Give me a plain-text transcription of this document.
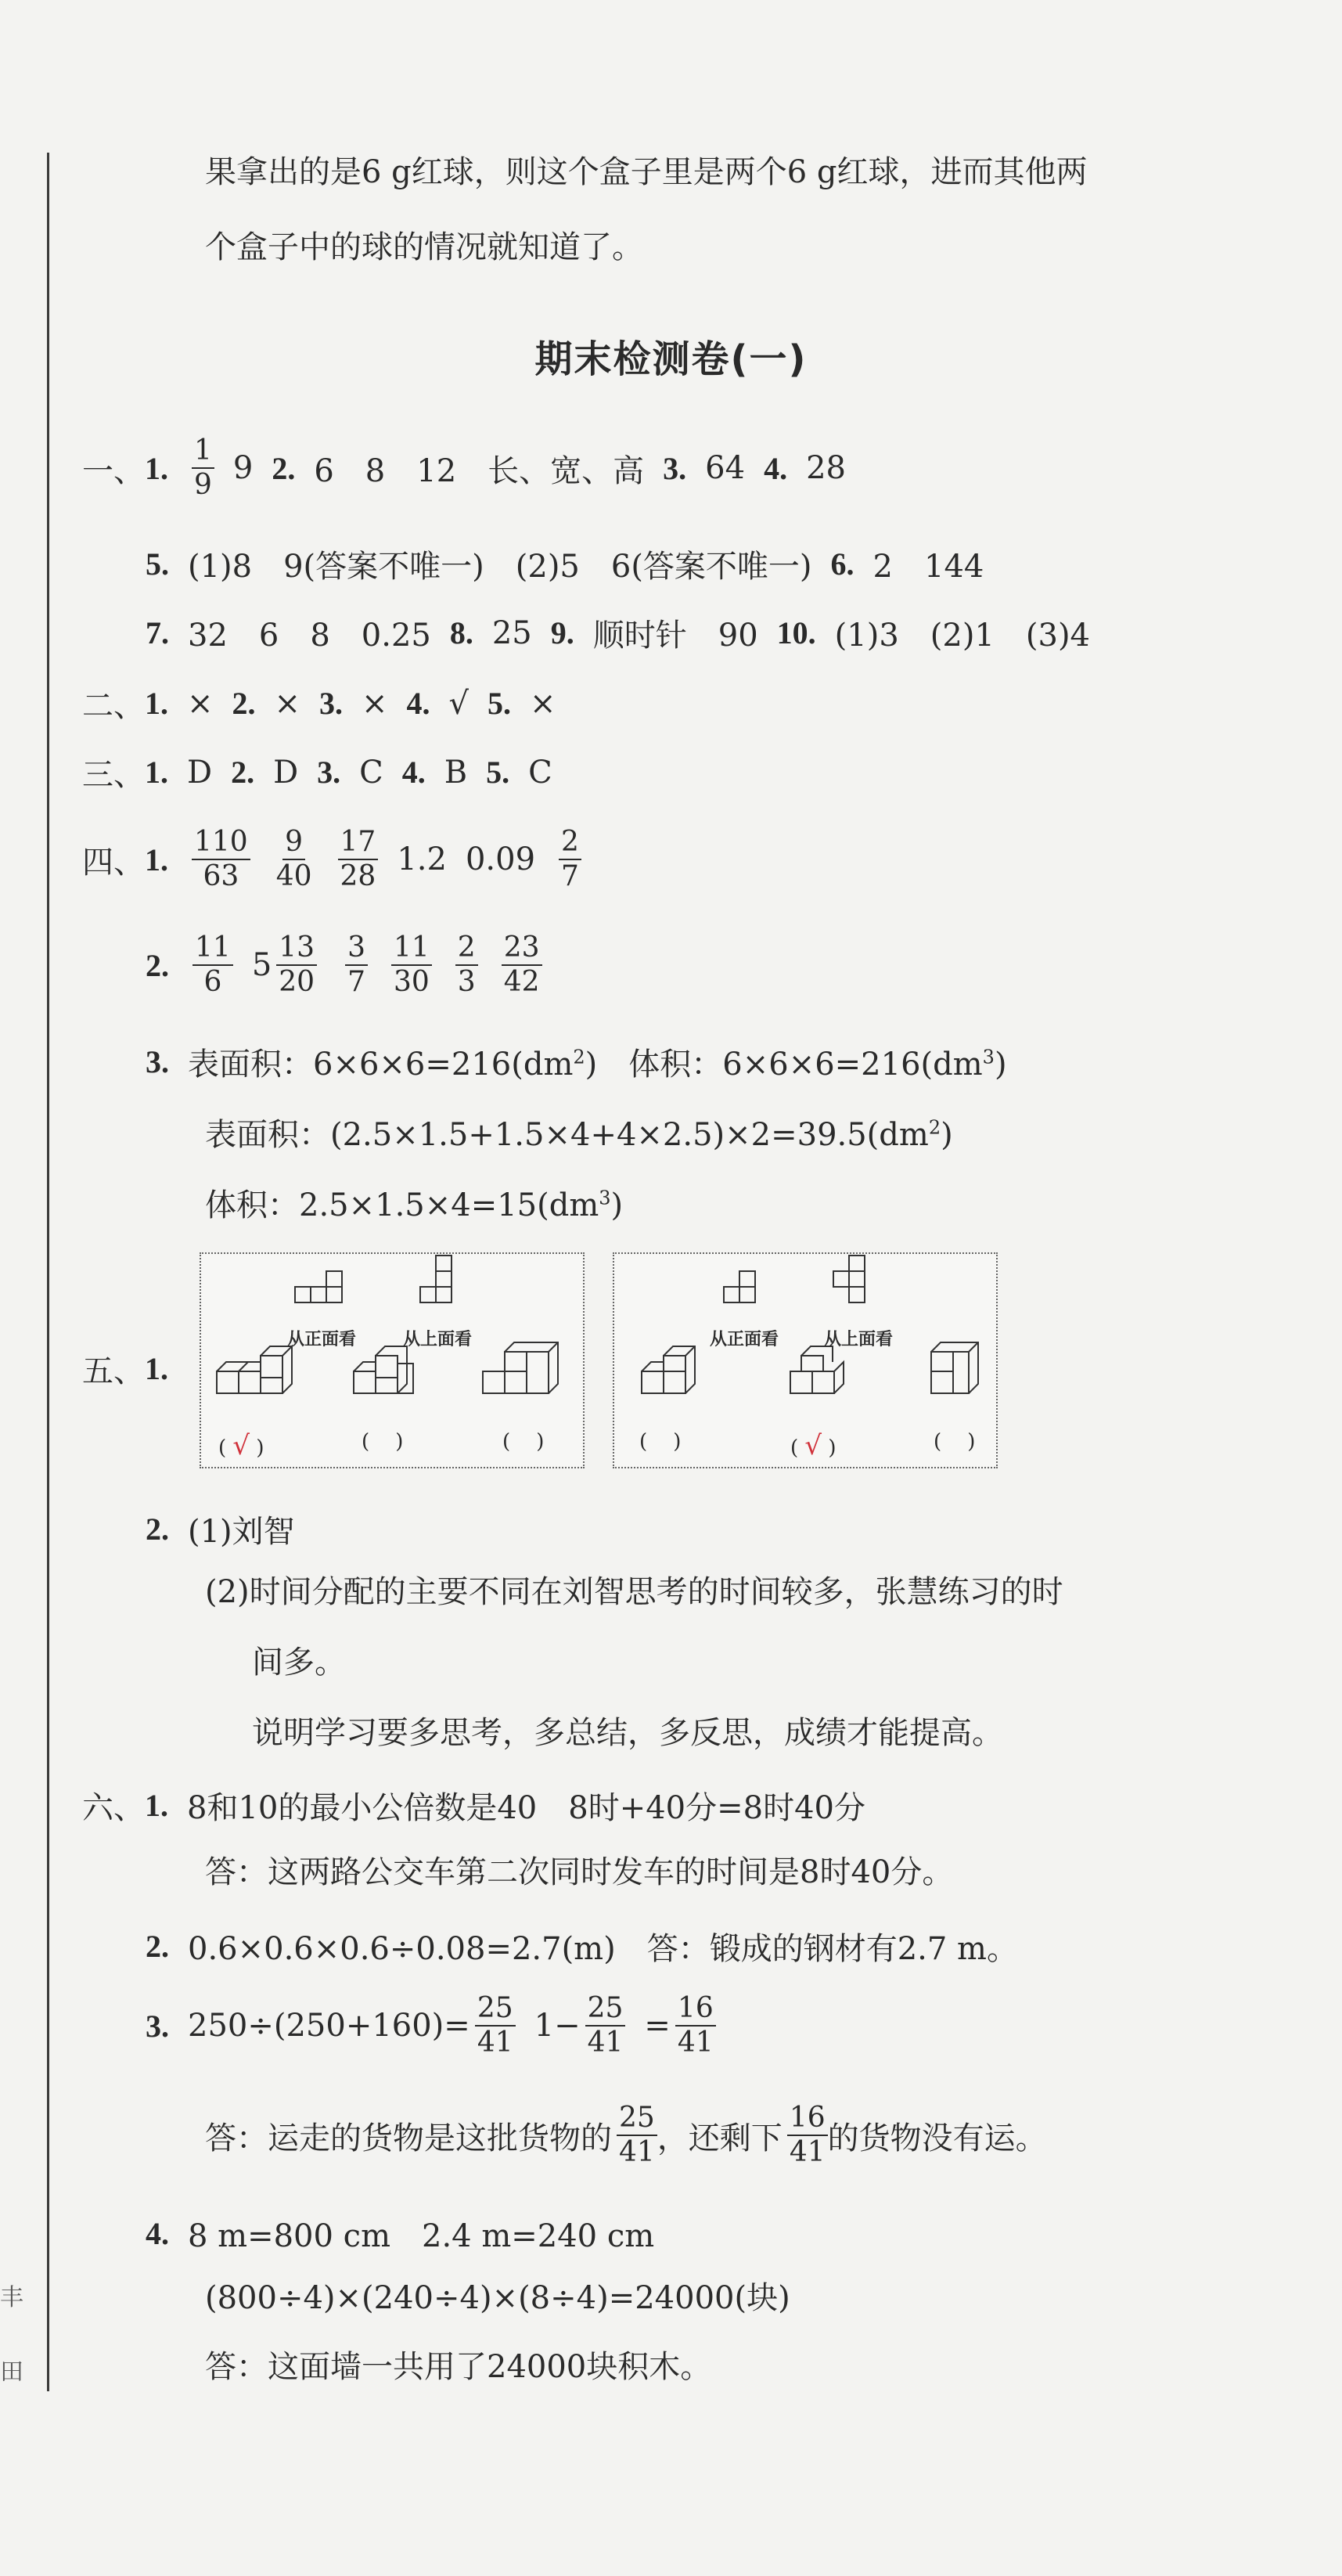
丰
田
果拿出的是6 g红球，则这个盒子里是两个6 g红球，进而其他两
个盒子中的球的情况就知道了。
期末检测卷(一)
一、 1. $\frac{1}{9} 9$ 2. 6　8　12　长、宽、高 3. 64 4. 28
5. (1)8　9(答案不唯一)　(2)5　6(答案不唯一) 6. 2　144
7. 32　6　8　0.25 8. 25 9. 顺时针　90 10. (1)3　(2)1　(3)4
二、 1. × 2. × 3. × 4. √ 5. ×
三、 1. D 2. D 3. C 4. B 5. C
四、 1. $\frac{110}{63} \frac{9}{40} \frac{17}{28} 1.2$ $0.09 \frac{2}{7}$
2. $\frac{11}{6} 5 \frac{13}{20} \frac{3}{7} \frac{11}{30} \frac{2}{3} \frac{23}{42}$
3. 表面积：$6\times 6\times 6=216(dm^2)$　体积：$6\times 6\times 6=216(dm^3)$
表面积：$(2.5\times 1.5+1.5\times 4+4\times 2.5)\times 2=39.5(dm^2)$
体积：$2.5\times 1.5\times 4=15(dm^3)$
五、 1.
从正面看	从上面看
( √ )	( )	( )
从正面看	从上面看
( )	( √ )	( )
2. (1)刘智
(2)时间分配的主要不同在刘智思考的时间较多，张慧练习的时
间多。
说明学习要多思考，多总结，多反思，成绩才能提高。
六、 1. 8和10的最小公倍数是40　8时+40分=8时40分
答：这两路公交车第二次同时发车的时间是8时40分。
2. 0.6×0.6×0.6÷0.08=2.7(m)　答：锻成的钢材有2.7 m。
3. $250\div(250+160)= \frac{25}{41} 1- \frac{25}{41} = \frac{16}{41}$
答：运走的货物是这批货物的 $\frac{25}{41}$ ，还剩下 $\frac{16}{41}$ 的货物没有运。
4. 8 m=800 cm　2.4 m=240 cm
(800÷4)×(240÷4)×(8÷4)=24000(块)
答：这面墙一共用了24000块积木。
